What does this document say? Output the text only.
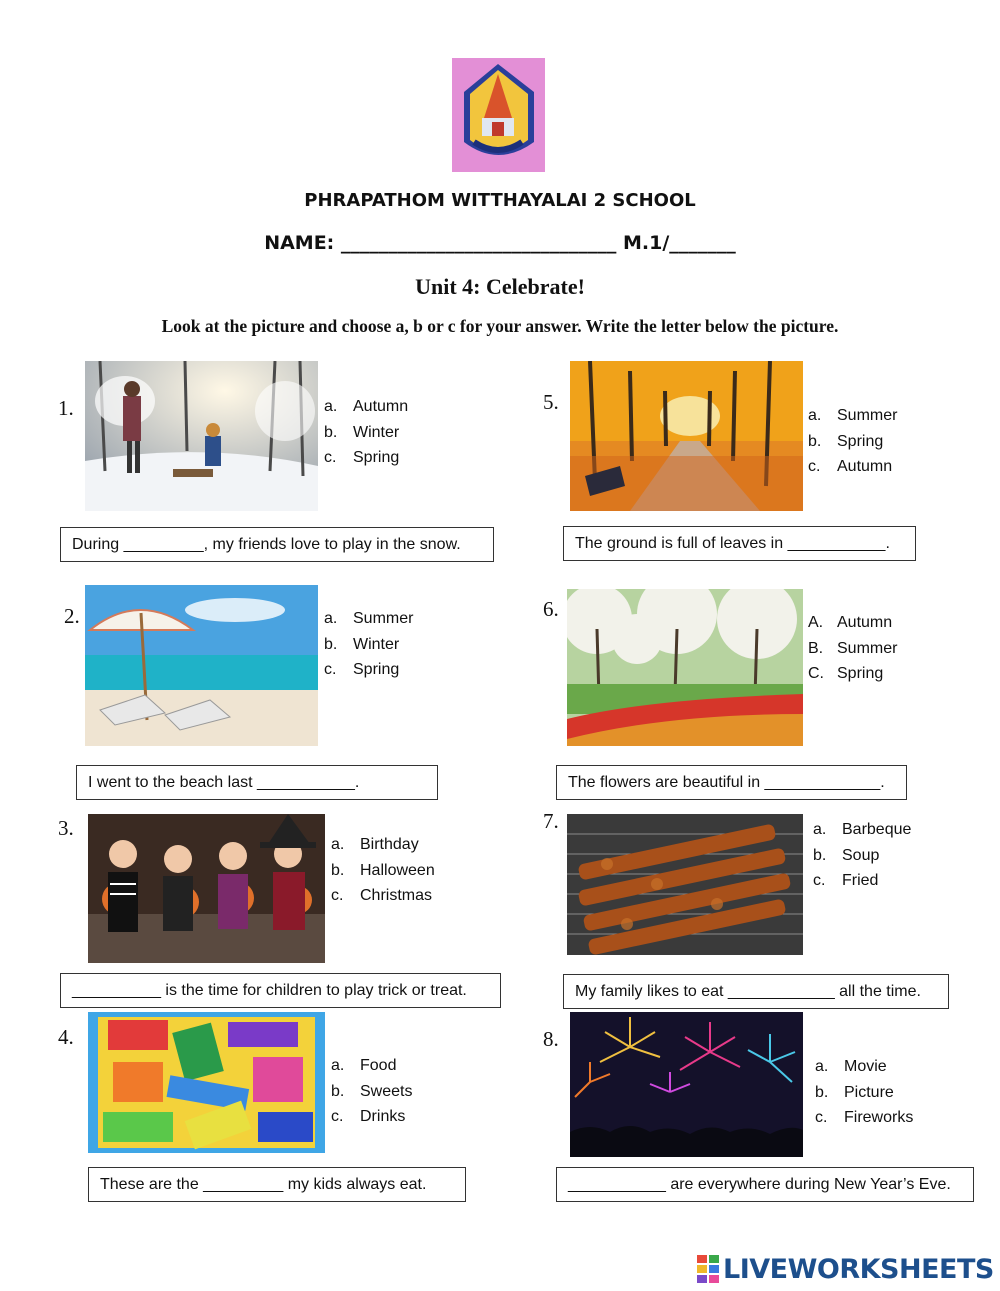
PHRAPATHOM WITTHAYALAI 2 SCHOOL
NAME: _____________________________ M.1/_______
Unit 4: Celebrate!
Look at the picture and choose a, b or c for your answer. Write the letter below the picture.
1.	a. Autumn
b. Winter
c.	Spring
During _________, my friends love to play in the snow.
2.	a. Summer
b. Winter
c.	Spring
I went to the beach last ___________.
3.
a. Birthday
b. Halloween
c.	Christmas
__________ is the time for children to play trick or treat.
4.
a. Food
b. Sweets
c.	Drinks
These are the _________ my kids always eat.
5.
a. Summer
b. Spring
c.	Autumn
The ground is full of leaves in ___________.
6.
A. Autumn
B. Summer
C. Spring
The flowers are beautiful in _____________.
7.	a. Barbeque
b. Soup
c.	Fried
My family likes to eat ____________ all the time.
8.
a. Movie
b. Picture
c.	Fireworks
___________ are everywhere during New Year’s Eve.
LIVEWORKSHEETS
